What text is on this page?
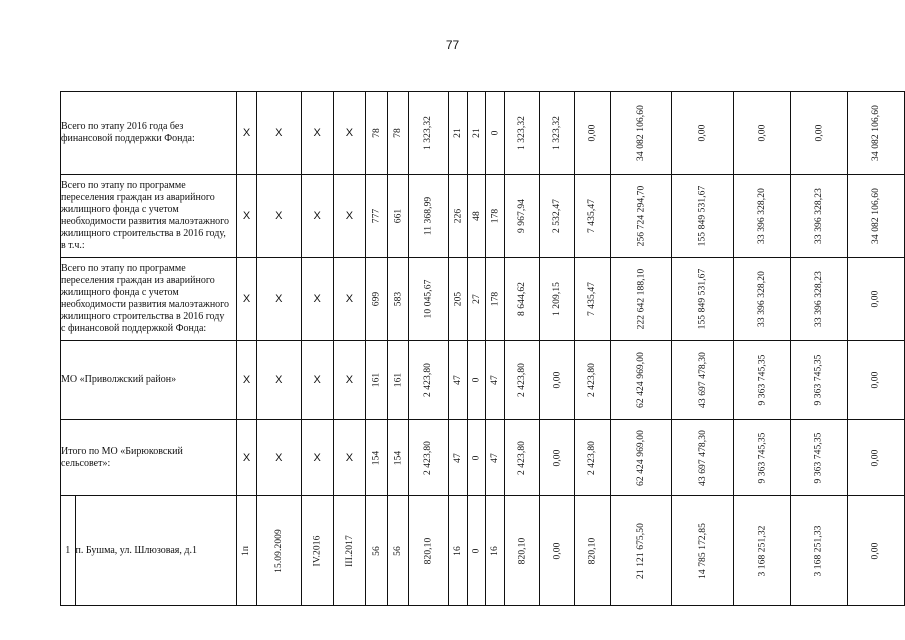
77
Всего по этапу 2016 года без финансовой поддержки Фонда:		Х	Х	Х	Х	78	78	1 323,32	21	21	0	1 323,32	1 323,32	0,00	34 082 106,60	0,00	0,00	0,00	34 082 106,60

Всего по этапу по программе переселения граждан из аварийного жилищного фонда с учетом необходимости развития малоэтажного жилищного строительства в 2016 году, в т.ч.:		Х	Х	Х	Х	777	661	11 368,99	226	48	178	9 967,94	2 532,47	7 435,47	256 724 294,70	155 849 531,67	33 396 328,20	33 396 328,23	34 082 106,60

Всего по этапу по программе переселения граждан из аварийного жилищного фонда с учетом необходимости развития малоэтажного жилищного строительства в 2016 году с финансовой поддержкой Фонда:		Х	Х	Х	Х	699	583	10 045,67	205	27	178	8 644,62	1 209,15	7 435,47	222 642 188,10	155 849 531,67	33 396 328,20	33 396 328,23	0,00

МО «Приволжский район»		Х	Х	Х	Х	161	161	2 423,80	47	0	47	2 423,80	0,00	2 423,80	62 424 969,00	43 697 478,30	9 363 745,35	9 363 745,35	0,00

Итого по МО «Бирюковский сельсовет»:		Х	Х	Х	Х	154	154	2 423,80	47	0	47	2 423,80	0,00	2 423,80	62 424 969,00	43 697 478,30	9 363 745,35	9 363 745,35	0,00

1	п. Бушма, ул. Шлюзовая, д.1	1п	15.09.2009	IV.2016	III.2017	56	56	820,10	16	0	16	820,10	0,00	820,10	21 121 675,50	14 785 172,85	3 168 251,32	3 168 251,33	0,00
